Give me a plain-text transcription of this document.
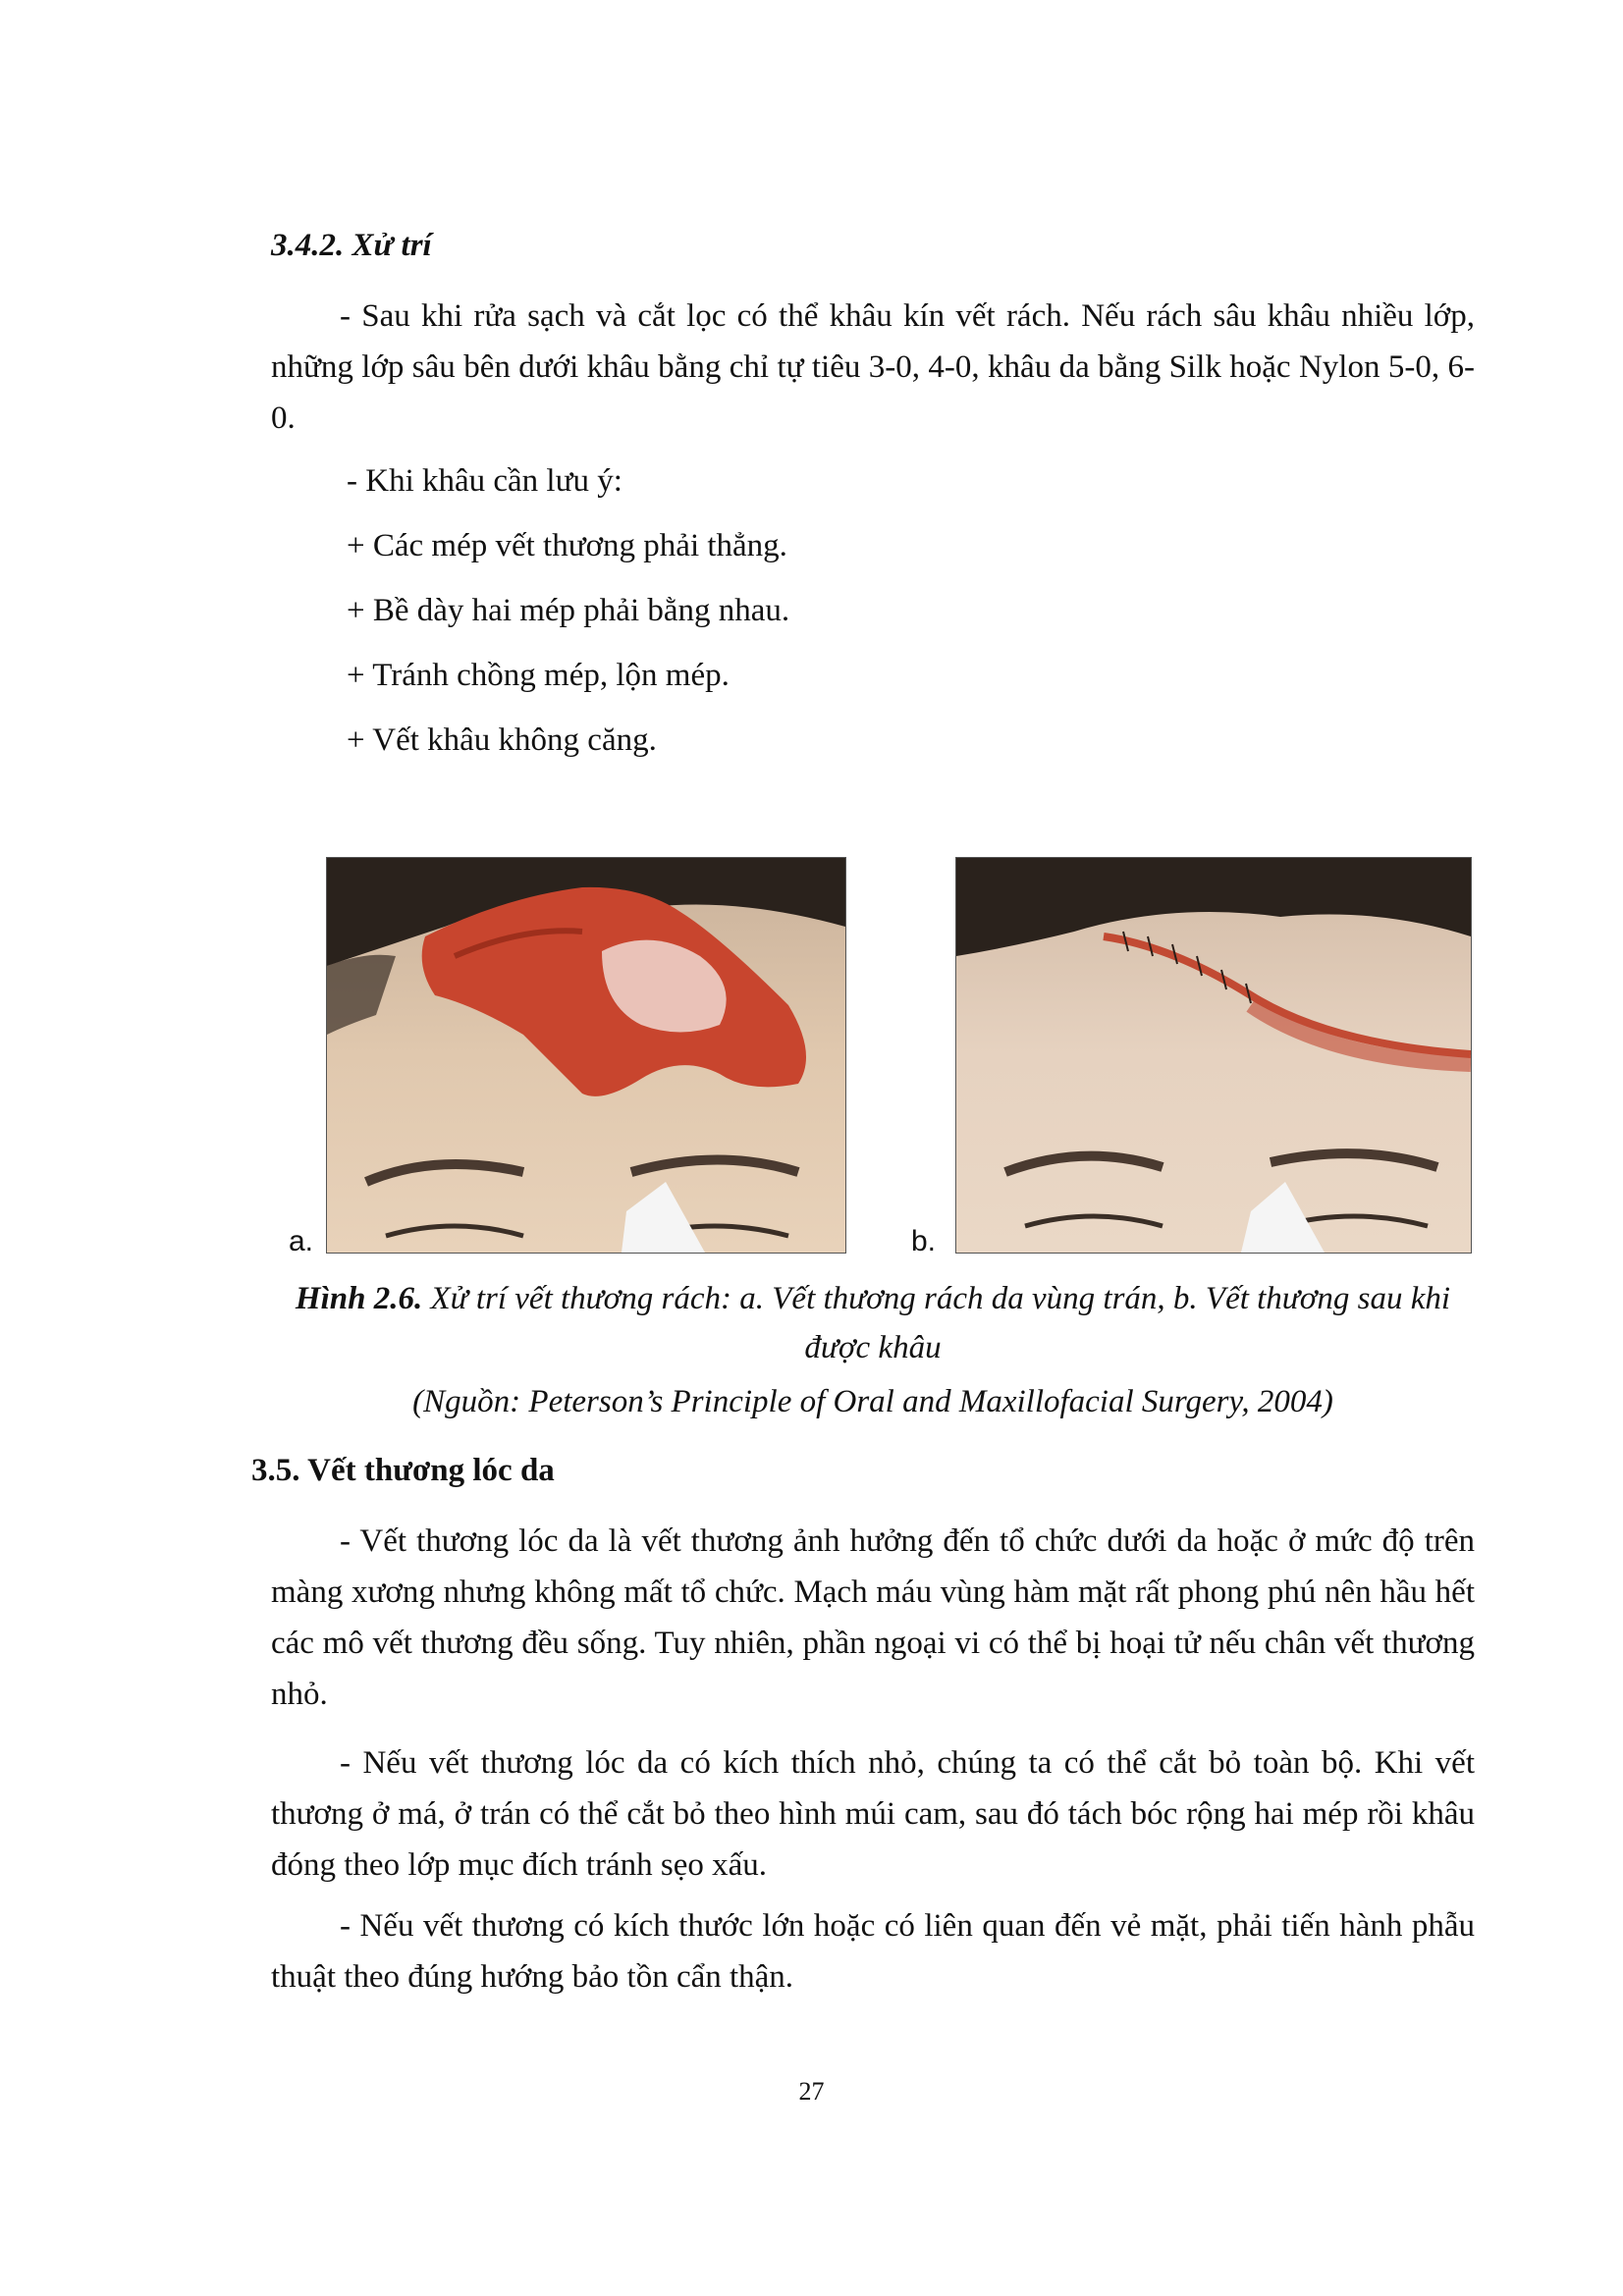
3.4.2. Xử trí

- Sau khi rửa sạch và cắt lọc có thể khâu kín vết rách. Nếu rách sâu khâu nhiều lớp, những lớp sâu bên dưới khâu bằng chỉ tự tiêu 3-0, 4-0, khâu da bằng Silk hoặc Nylon 5-0, 6-0.

- Khi khâu cần lưu ý:
+ Các mép vết thương phải thẳng.
+ Bề dày hai mép phải bằng nhau.
+ Tránh chồng mép, lộn mép.
+ Vết khâu không căng.
a.	b.
Hình 2.6. Xử trí vết thương rách: a. Vết thương rách da vùng trán, b. Vết thương sau khi được khâu
(Nguồn: Peterson’s Principle of Oral and Maxillofacial Surgery, 2004)
3.5. Vết thương lóc da

- Vết thương lóc da là vết thương ảnh hưởng đến tổ chức dưới da hoặc ở mức độ trên màng xương nhưng không mất tổ chức. Mạch máu vùng hàm mặt rất phong phú nên hầu hết các mô vết thương đều sống. Tuy nhiên, phần ngoại vi có thể bị hoại tử nếu chân vết thương nhỏ.

- Nếu vết thương lóc da có kích thích nhỏ, chúng ta có thể cắt bỏ toàn bộ. Khi vết thương ở má, ở trán có thể cắt bỏ theo hình múi cam, sau đó tách bóc rộng hai mép rồi khâu đóng theo lớp mục đích tránh sẹo xấu.

- Nếu vết thương có kích thước lớn hoặc có liên quan đến vẻ mặt, phải tiến hành phẫu thuật theo đúng hướng bảo tồn cẩn thận.

27
